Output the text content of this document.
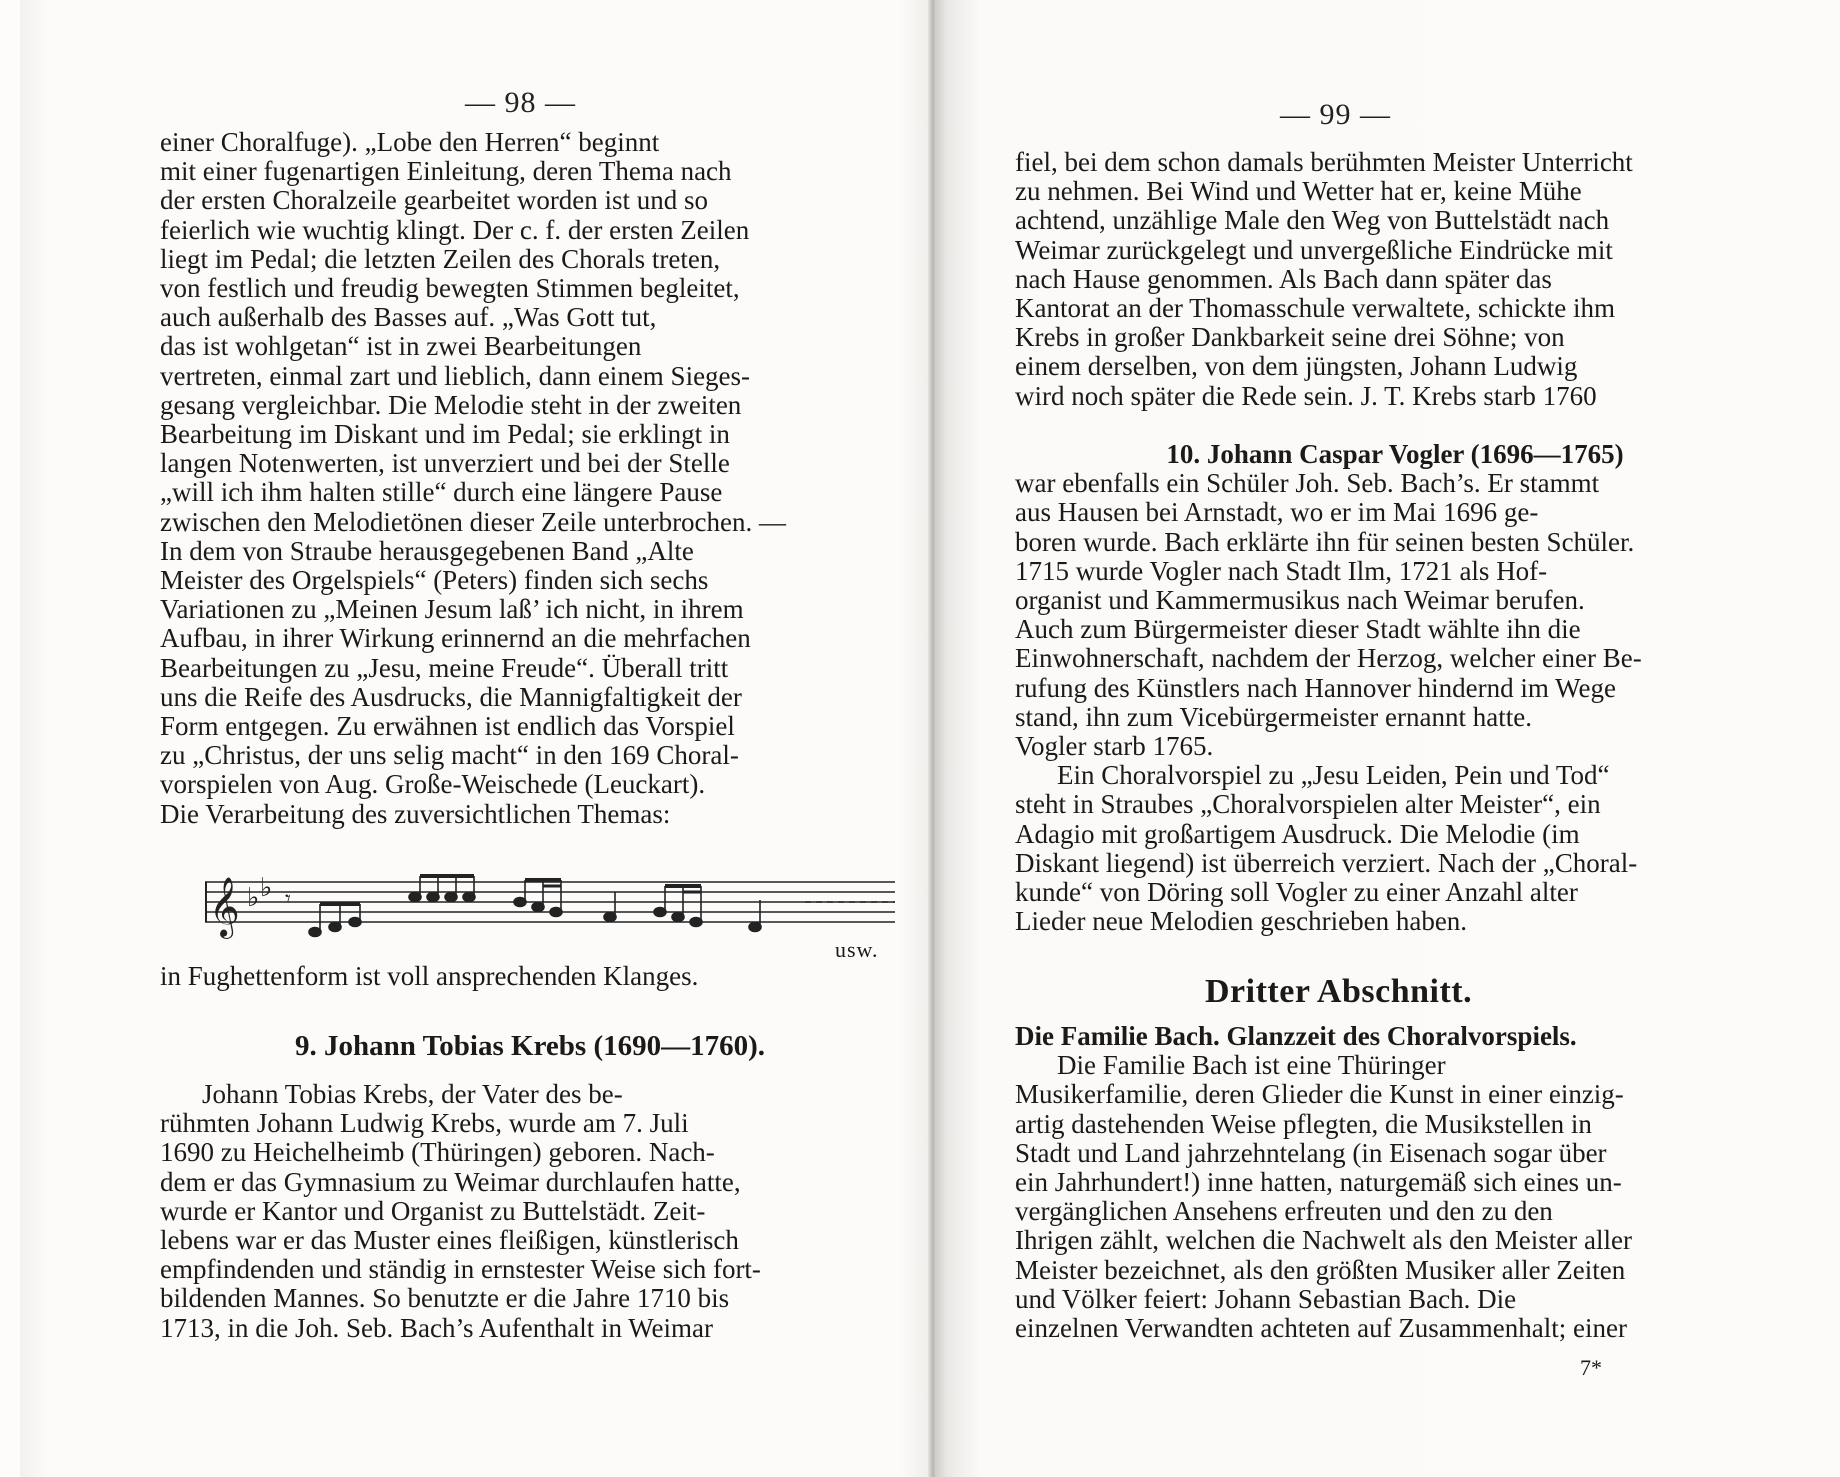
— 98 —

einer Choralfuge). „Lobe den Herren“ beginnt

mit einer fugenartigen Einleitung, deren Thema nach

der ersten Choralzeile gearbeitet worden ist und so

feierlich wie wuchtig klingt. Der c. f. der ersten Zeilen

liegt im Pedal; die letzten Zeilen des Chorals treten,

von festlich und freudig bewegten Stimmen begleitet,

auch außerhalb des Basses auf. „Was Gott tut,

das ist wohlgetan“ ist in zwei Bearbeitungen

vertreten, einmal zart und lieblich, dann einem Sieges-

gesang vergleichbar. Die Melodie steht in der zweiten

Bearbeitung im Diskant und im Pedal; sie erklingt in

langen Notenwerten, ist unverziert und bei der Stelle

„will ich ihm halten stille“ durch eine längere Pause

zwischen den Melodietönen dieser Zeile unterbrochen. —

In dem von Straube herausgegebenen Band „Alte

Meister des Orgelspiels“ (Peters) finden sich sechs

Variationen zu „Meinen Jesum laß’ ich nicht, in ihrem

Aufbau, in ihrer Wirkung erinnernd an die mehrfachen

Bearbeitungen zu „Jesu, meine Freude“. Überall tritt

uns die Reife des Ausdrucks, die Mannigfaltigkeit der

Form entgegen. Zu erwähnen ist endlich das Vorspiel

zu „Christus, der uns selig macht“ in den 169 Choral-

vorspielen von Aug. Große-Weischede (Leuckart).

Die Verarbeitung des zuversichtlichen Themas:

𝄞 ♭ ♭ 𝄾
usw.

in Fughettenform ist voll ansprechenden Klanges.

9. Johann Tobias Krebs (1690—1760).

Johann Tobias Krebs, der Vater des be-

rühmten Johann Ludwig Krebs, wurde am 7. Juli

1690 zu Heichelheimb (Thüringen) geboren. Nach-

dem er das Gymnasium zu Weimar durchlaufen hatte,

wurde er Kantor und Organist zu Buttelstädt. Zeit-

lebens war er das Muster eines fleißigen, künstlerisch

empfindenden und ständig in ernstester Weise sich fort-

bildenden Mannes. So benutzte er die Jahre 1710 bis

1713, in die Joh. Seb. Bach’s Aufenthalt in Weimar

— 99 —

fiel, bei dem schon damals berühmten Meister Unterricht

zu nehmen. Bei Wind und Wetter hat er, keine Mühe

achtend, unzählige Male den Weg von Buttelstädt nach

Weimar zurückgelegt und unvergeßliche Eindrücke mit

nach Hause genommen. Als Bach dann später das

Kantorat an der Thomasschule verwaltete, schickte ihm

Krebs in großer Dankbarkeit seine drei Söhne; von

einem derselben, von dem jüngsten, Johann Ludwig

wird noch später die Rede sein. J. T. Krebs starb 1760

10. Johann Caspar Vogler (1696—1765)

war ebenfalls ein Schüler Joh. Seb. Bach’s. Er stammt

aus Hausen bei Arnstadt, wo er im Mai 1696 ge-

boren wurde. Bach erklärte ihn für seinen besten Schüler.

1715 wurde Vogler nach Stadt Ilm, 1721 als Hof-

organist und Kammermusikus nach Weimar berufen.

Auch zum Bürgermeister dieser Stadt wählte ihn die

Einwohnerschaft, nachdem der Herzog, welcher einer Be-

rufung des Künstlers nach Hannover hindernd im Wege

stand, ihn zum Vicebürgermeister ernannt hatte.

Vogler starb 1765.

Ein Choralvorspiel zu „Jesu Leiden, Pein und Tod“

steht in Straubes „Choralvorspielen alter Meister“, ein

Adagio mit großartigem Ausdruck. Die Melodie (im

Diskant liegend) ist überreich verziert. Nach der „Choral-

kunde“ von Döring soll Vogler zu einer Anzahl alter

Lieder neue Melodien geschrieben haben.

Dritter Abschnitt.

Die Familie Bach. Glanzzeit des Choralvorspiels.

Die Familie Bach ist eine Thüringer

Musikerfamilie, deren Glieder die Kunst in einer einzig-

artig dastehenden Weise pflegten, die Musikstellen in

Stadt und Land jahrzehntelang (in Eisenach sogar über

ein Jahrhundert!) inne hatten, naturgemäß sich eines un-

vergänglichen Ansehens erfreuten und den zu den

Ihrigen zählt, welchen die Nachwelt als den Meister aller

Meister bezeichnet, als den größten Musiker aller Zeiten

und Völker feiert: Johann Sebastian Bach. Die

einzelnen Verwandten achteten auf Zusammenhalt; einer

7*
